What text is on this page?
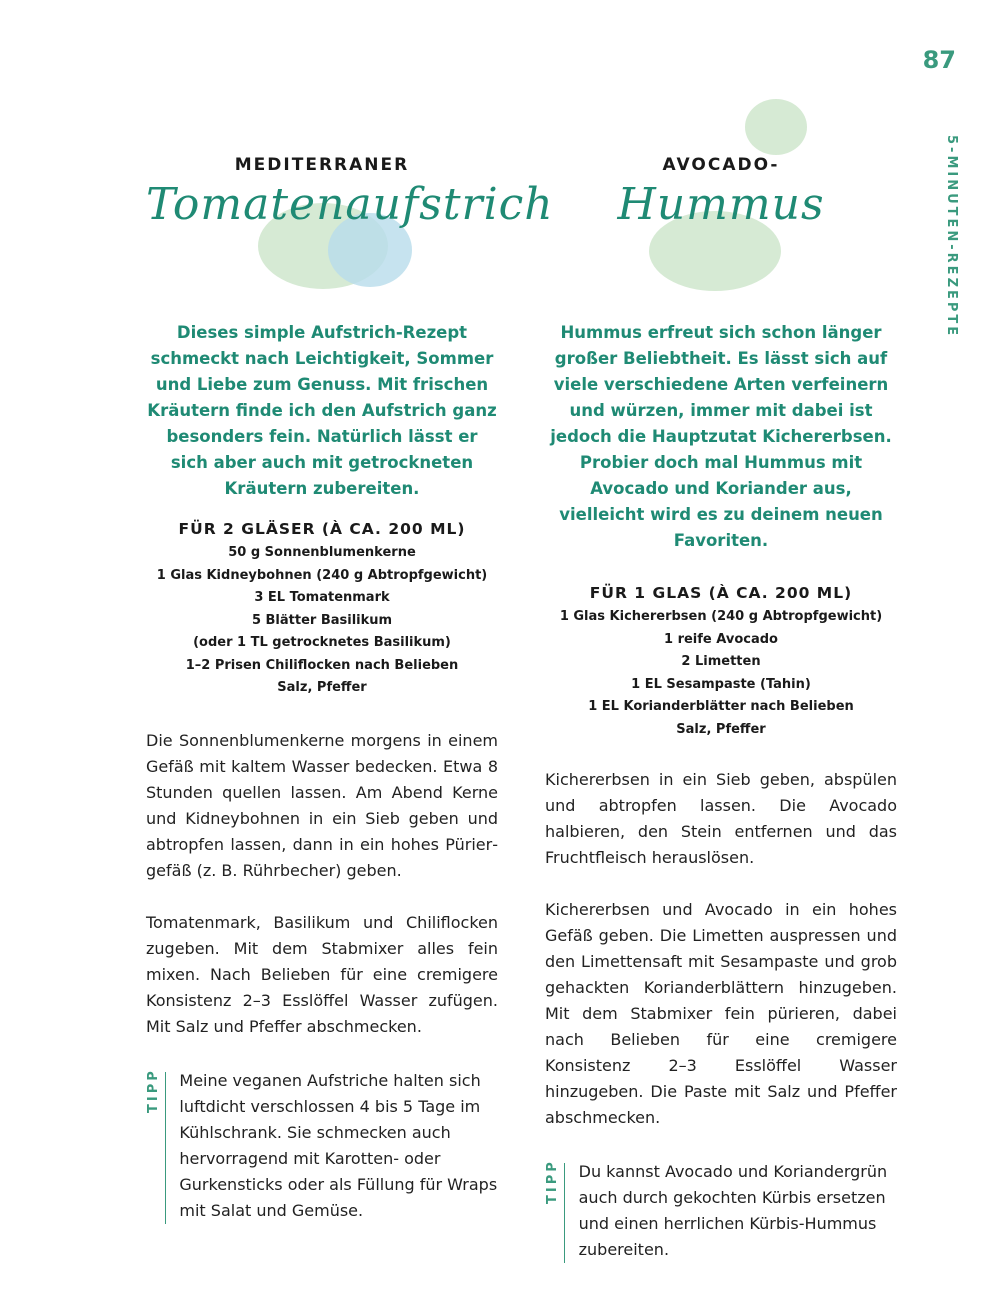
87
5-MINUTEN-REZEPTE
MEDITERRANER
Tomatenaufstrich

Dieses simple Aufstrich-Rezept schmeckt nach Leichtigkeit, Sommer und Liebe zum Genuss. Mit frischen Kräutern finde ich den Aufstrich ganz besonders fein. Natürlich lässt er sich aber auch mit getrockneten Kräutern zubereiten.

FÜR 2 GLÄSER (À CA. 200 ML)
50 g Sonnenblumenkerne
1 Glas Kidneybohnen (240 g Abtropfgewicht)
3 EL Tomatenmark
5 Blätter Basilikum
(oder 1 TL getrocknetes Basilikum)
1–2 Prisen Chiliflocken nach Belieben
Salz, Pfeffer

Die Sonnenblumenkerne morgens in einem Gefäß mit kaltem Wasser bedecken. Etwa 8 Stunden quellen lassen. Am Abend Kerne und Kidneybohnen in ein Sieb geben und abtropfen lassen, dann in ein hohes Püriergefäß (z. B. Rührbecher) geben.

Tomatenmark, Basilikum und Chiliflocken zugeben. Mit dem Stabmixer alles fein mixen. Nach Belieben für eine cremigere Konsistenz 2–3 Esslöffel Wasser zufügen. Mit Salz und Pfeffer abschmecken.

TIPP Meine veganen Aufstriche halten sich luftdicht verschlossen 4 bis 5 Tage im Kühlschrank. Sie schmecken auch hervorragend mit Karotten- oder Gurkensticks oder als Füllung für Wraps mit Salat und Gemüse.
AVOCADO-
Hummus

Hummus erfreut sich schon länger großer Beliebtheit. Es lässt sich auf viele verschiedene Arten verfeinern und würzen, immer mit dabei ist jedoch die Hauptzutat Kichererbsen. Probier doch mal Hummus mit Avocado und Koriander aus, vielleicht wird es zu deinem neuen Favoriten.

FÜR 1 GLAS (À CA. 200 ML)
1 Glas Kichererbsen (240 g Abtropfgewicht)
1 reife Avocado
2 Limetten
1 EL Sesampaste (Tahin)
1 EL Korianderblätter nach Belieben
Salz, Pfeffer

Kichererbsen in ein Sieb geben, abspülen und abtropfen lassen. Die Avocado halbieren, den Stein entfernen und das Fruchtfleisch herauslösen.

Kichererbsen und Avocado in ein hohes Gefäß geben. Die Limetten auspressen und den Limettensaft mit Sesampaste und grob gehackten Korianderblättern hinzugeben. Mit dem Stabmixer fein pürieren, dabei nach Belieben für eine cremigere Konsistenz 2–3 Esslöffel Wasser hinzugeben. Die Paste mit Salz und Pfeffer abschmecken.

TIPP Du kannst Avocado und Koriandergrün auch durch gekochten Kürbis ersetzen und einen herrlichen Kürbis-Hummus zubereiten.
